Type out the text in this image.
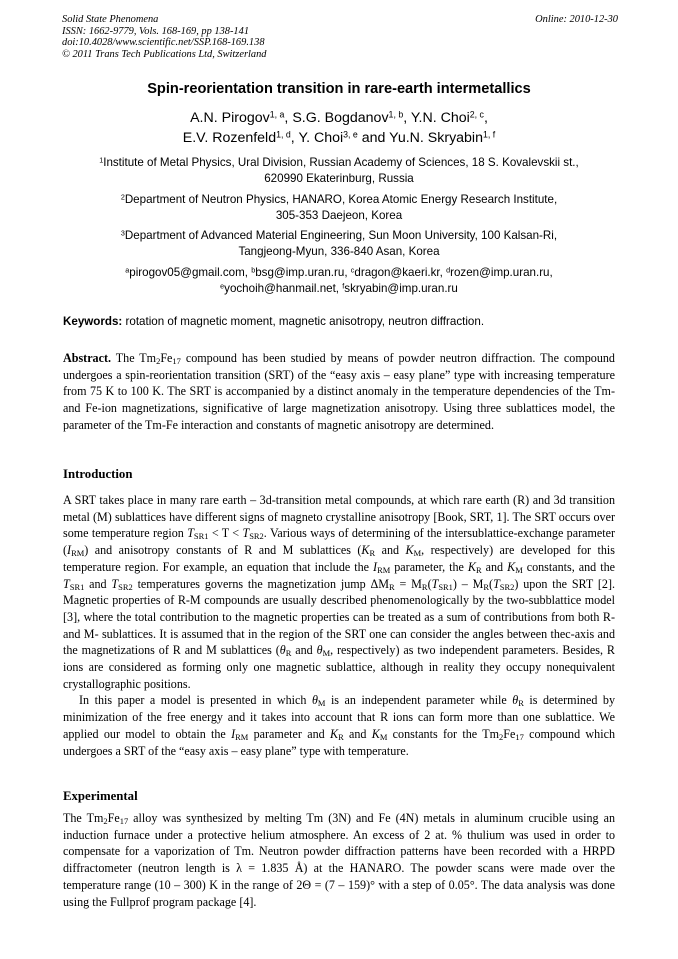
Solid State Phenomena
ISSN: 1662-9779, Vols. 168-169, pp 138-141
doi:10.4028/www.scientific.net/SSP.168-169.138
© 2011 Trans Tech Publications Ltd, Switzerland
Online: 2010-12-30
Spin-reorientation transition in rare-earth intermetallics
A.N. Pirogov$^{1, a}$, S.G. Bogdanov$^{1, b}$, Y.N. Choi$^{2, c}$,
E.V. Rozenfeld$^{1, d}$, Y. Choi$^{3, e}$ and Yu.N. Skryabin$^{1, f}$
$^1$Institute of Metal Physics, Ural Division, Russian Academy of Sciences, 18 S. Kovalevskii st.,
620990 Ekaterinburg, Russia
$^2$Department of Neutron Physics, HANARO, Korea Atomic Energy Research Institute,
305-353 Daejeon, Korea
$^3$Department of Advanced Material Engineering, Sun Moon University, 100 Kalsan-Ri,
Tangjeong-Myun, 336-840 Asan, Korea
$^a$pirogov05@gmail.com, $^b$bsg@imp.uran.ru, $^c$dragon@kaeri.kr, $^d$rozen@imp.uran.ru,
$^e$yochoih@hanmail.net, $^f$skryabin@imp.uran.ru
Keywords: rotation of magnetic moment, magnetic anisotropy, neutron diffraction.

Abstract. The $Tm_2Fe_{17}$ compound has been studied by means of powder neutron diffraction. The compound undergoes a spin-reorientation transition (SRT) of the “easy axis – easy plane” type with increasing temperature from 75 K to 100 K. The SRT is accompanied by a distinct anomaly in the temperature dependencies of the Tm- and Fe-ion magnetizations, significative of large magnetization anisotropy. Using three sublattices model, the parameter of the Tm-Fe interaction and constants of magnetic anisotropy are determined.

Introduction

A SRT takes place in many rare earth – 3d-transition metal compounds, at which rare earth (R) and 3d transition metal (M) sublattices have different signs of magneto crystalline anisotropy [Book, SRT, 1]. The SRT occurs over some temperature region $T_{SR1} < T < T_{SR2}$. Various ways of determining of the intersublattice-exchange parameter $(I_{RM})$ and anisotropy constants of R and M sublattices ($K_R$ and $K_M$, respectively) are developed for this temperature region. For example, an equation that include the $I_{RM}$ parameter, the $K_R$ and $K_M$ constants, and the $T_{SR1}$ and $T_{SR2}$ temperatures governs the magnetization jump $\Delta M_R = M_R(T_{SR1}) - M_R(T_{SR2})$ upon the SRT [2]. Magnetic properties of R-M compounds are usually described phenomenologically by the two-subblattice model [3], where the total contribution to the magnetic properties can be treated as a sum of contributions from both R- and M- sublattices. It is assumed that in the region of the SRT one can consider the angles between thec-axis and the magnetizations of R and M sublattices ($\theta_R$ and $\theta_M$, respectively) as two independent parameters. Besides, R ions are considered as forming only one magnetic sublattice, although in reality they occupy nonequivalent crystallographic positions.

In this paper a model is presented in which $\theta_M$ is an independent parameter while $\theta_R$ is determined by minimization of the free energy and it takes into account that R ions can form more than one sublattice. We applied our model to obtain the $I_{RM}$ parameter and $K_R$ and $K_M$ constants for the $Tm_2Fe_{17}$ compound which undergoes a SRT of the “easy axis – easy plane” type with temperature.

Experimental

The $Tm_2Fe_{17}$ alloy was synthesized by melting Tm (3N) and Fe (4N) metals in aluminum crucible using an induction furnace under a protective helium atmosphere. An excess of 2 at. % thulium was used in order to compensate for a vaporization of Tm. Neutron powder diffraction patterns have been recorded with a HRPD diffractometer (neutron length is λ = 1.835 Å) at the HANARO. The powder scans were made over the temperature range (10 – 300) K in the range of 2Θ = (7 – 159)° with a step of 0.05°. The data analysis was done using the Fullprof program package [4].
